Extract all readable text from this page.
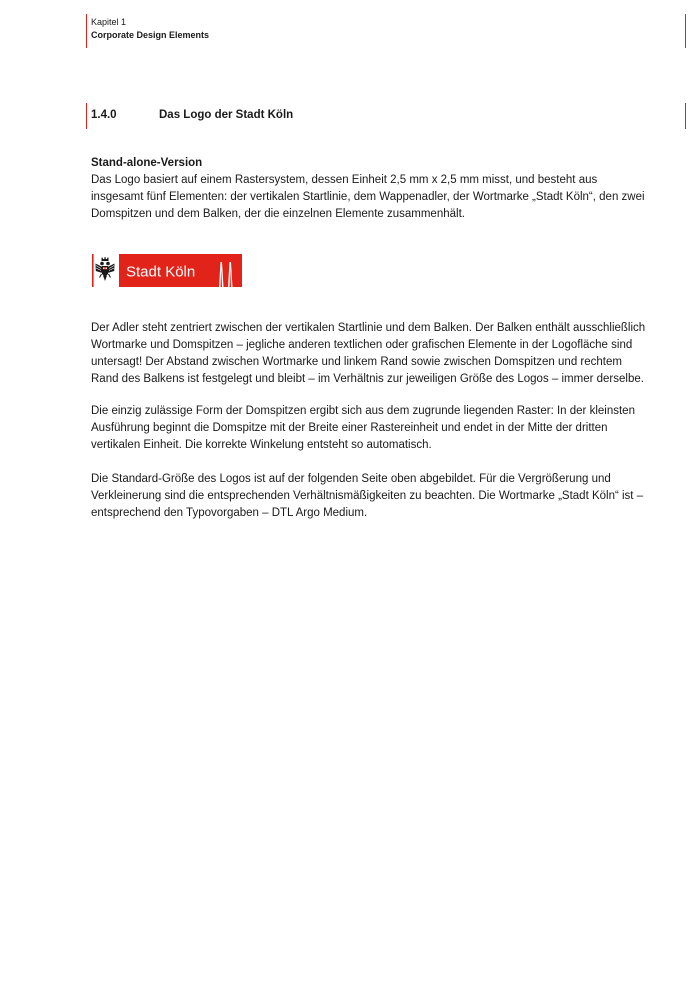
Kapitel 1
Corporate Design Elements
1.4.0	Das Logo der Stadt Köln
Stand-alone-Version
Das Logo basiert auf einem Rastersystem, dessen Einheit 2,5 mm x 2,5 mm misst, und besteht aus insgesamt fünf Elementen: der vertikalen Startlinie, dem Wappenadler, der Wortmarke „Stadt Köln“, den zwei Domspitzen und dem Balken, der die einzelnen Elemente zusammenhält.
Stadt Köln
Der Adler steht zentriert zwischen der vertikalen Startlinie und dem Balken. Der Balken enthält ausschließlich Wortmarke und Domspitzen – jegliche anderen textlichen oder grafischen Elemente in der Logofläche sind untersagt! Der Abstand zwischen Wortmarke und linkem Rand sowie zwischen Domspitzen und rechtem Rand des Balkens ist festgelegt und bleibt – im Verhältnis zur jeweiligen Größe des Logos – immer derselbe.
Die einzig zulässige Form der Domspitzen ergibt sich aus dem zugrunde liegenden Raster: In der kleinsten Ausführung beginnt die Domspitze mit der Breite einer Rastereinheit und endet in der Mitte der dritten vertikalen Einheit. Die korrekte Winkelung entsteht so automatisch.
Die Standard-Größe des Logos ist auf der folgenden Seite oben abgebildet. Für die Vergrößerung und Verkleinerung sind die entsprechenden Verhältnismäßigkeiten zu beachten. Die Wortmarke „Stadt Köln“ ist – entsprechend den Typovorgaben – DTL Argo Medium.
